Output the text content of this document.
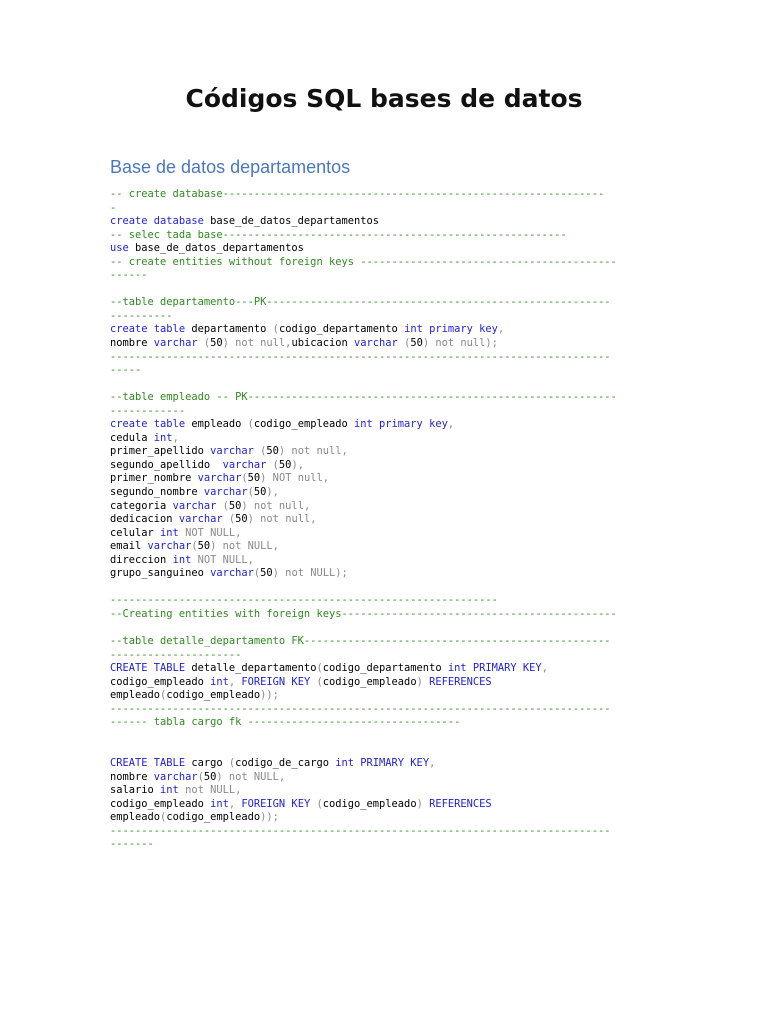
Códigos SQL bases de datos
Base de datos departamentos
-- create database-------------------------------------------------------------
-
create database base_de_datos_departamentos
-- selec tada base-------------------------------------------------------
use base_de_datos_departamentos
-- create entities without foreign keys -----------------------------------------
------
--table departamento---PK-------------------------------------------------------
----------
create table departamento (codigo_departamento int primary key,
nombre varchar (50) not null,ubicacion varchar (50) not null);
--------------------------------------------------------------------------------
-----
--table empleado -- PK-----------------------------------------------------------
------------
create table empleado (codigo_empleado int primary key,
cedula int,
primer_apellido varchar (50) not null,
segundo_apellido  varchar (50),
primer_nombre varchar(50) NOT null,
segundo_nombre varchar(50),
categoria varchar (50) not null,
dedicacion varchar (50) not null,
celular int NOT NULL,
email varchar(50) not NULL,
direccion int NOT NULL,
grupo_sanguineo varchar(50) not NULL);
--------------------------------------------------------------
--Creating entities with foreign keys--------------------------------------------
--table detalle_departamento FK-------------------------------------------------
---------------------
CREATE TABLE detalle_departamento(codigo_departamento int PRIMARY KEY,
codigo_empleado int, FOREIGN KEY (codigo_empleado) REFERENCES
empleado(codigo_empleado));
--------------------------------------------------------------------------------
------ tabla cargo fk ----------------------------------
CREATE TABLE cargo (codigo_de_cargo int PRIMARY KEY,
nombre varchar(50) not NULL,
salario int not NULL,
codigo_empleado int, FOREIGN KEY (codigo_empleado) REFERENCES
empleado(codigo_empleado));
--------------------------------------------------------------------------------
-------
